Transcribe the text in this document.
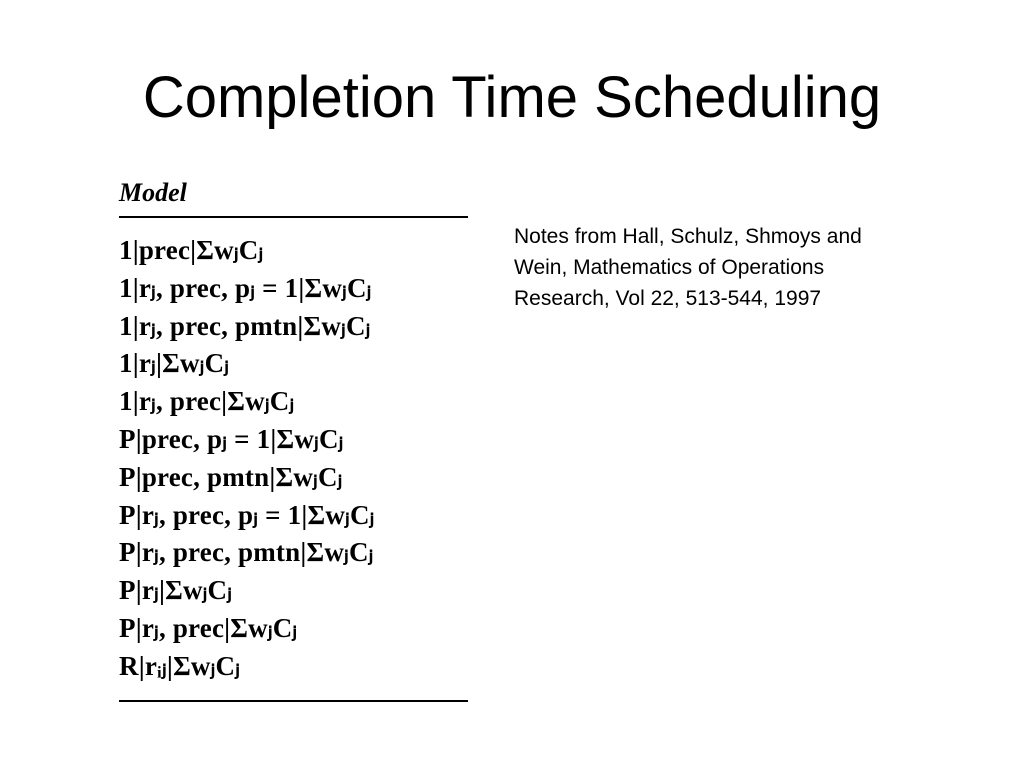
Completion Time Scheduling
Model
1|prec|ΣwⱼCⱼ
1|rⱼ, prec, pⱼ = 1|ΣwⱼCⱼ
1|rⱼ, prec, pmtn|ΣwⱼCⱼ
1|rⱼ|ΣwⱼCⱼ
1|rⱼ, prec|ΣwⱼCⱼ
P|prec, pⱼ = 1|ΣwⱼCⱼ
P|prec, pmtn|ΣwⱼCⱼ
P|rⱼ, prec, pⱼ = 1|ΣwⱼCⱼ
P|rⱼ, prec, pmtn|ΣwⱼCⱼ
P|rⱼ|ΣwⱼCⱼ
P|rⱼ, prec|ΣwⱼCⱼ
R|rᵢⱼ|ΣwⱼCⱼ
Notes from Hall, Schulz, Shmoys and
Wein, Mathematics of Operations
Research, Vol 22, 513-544, 1997
